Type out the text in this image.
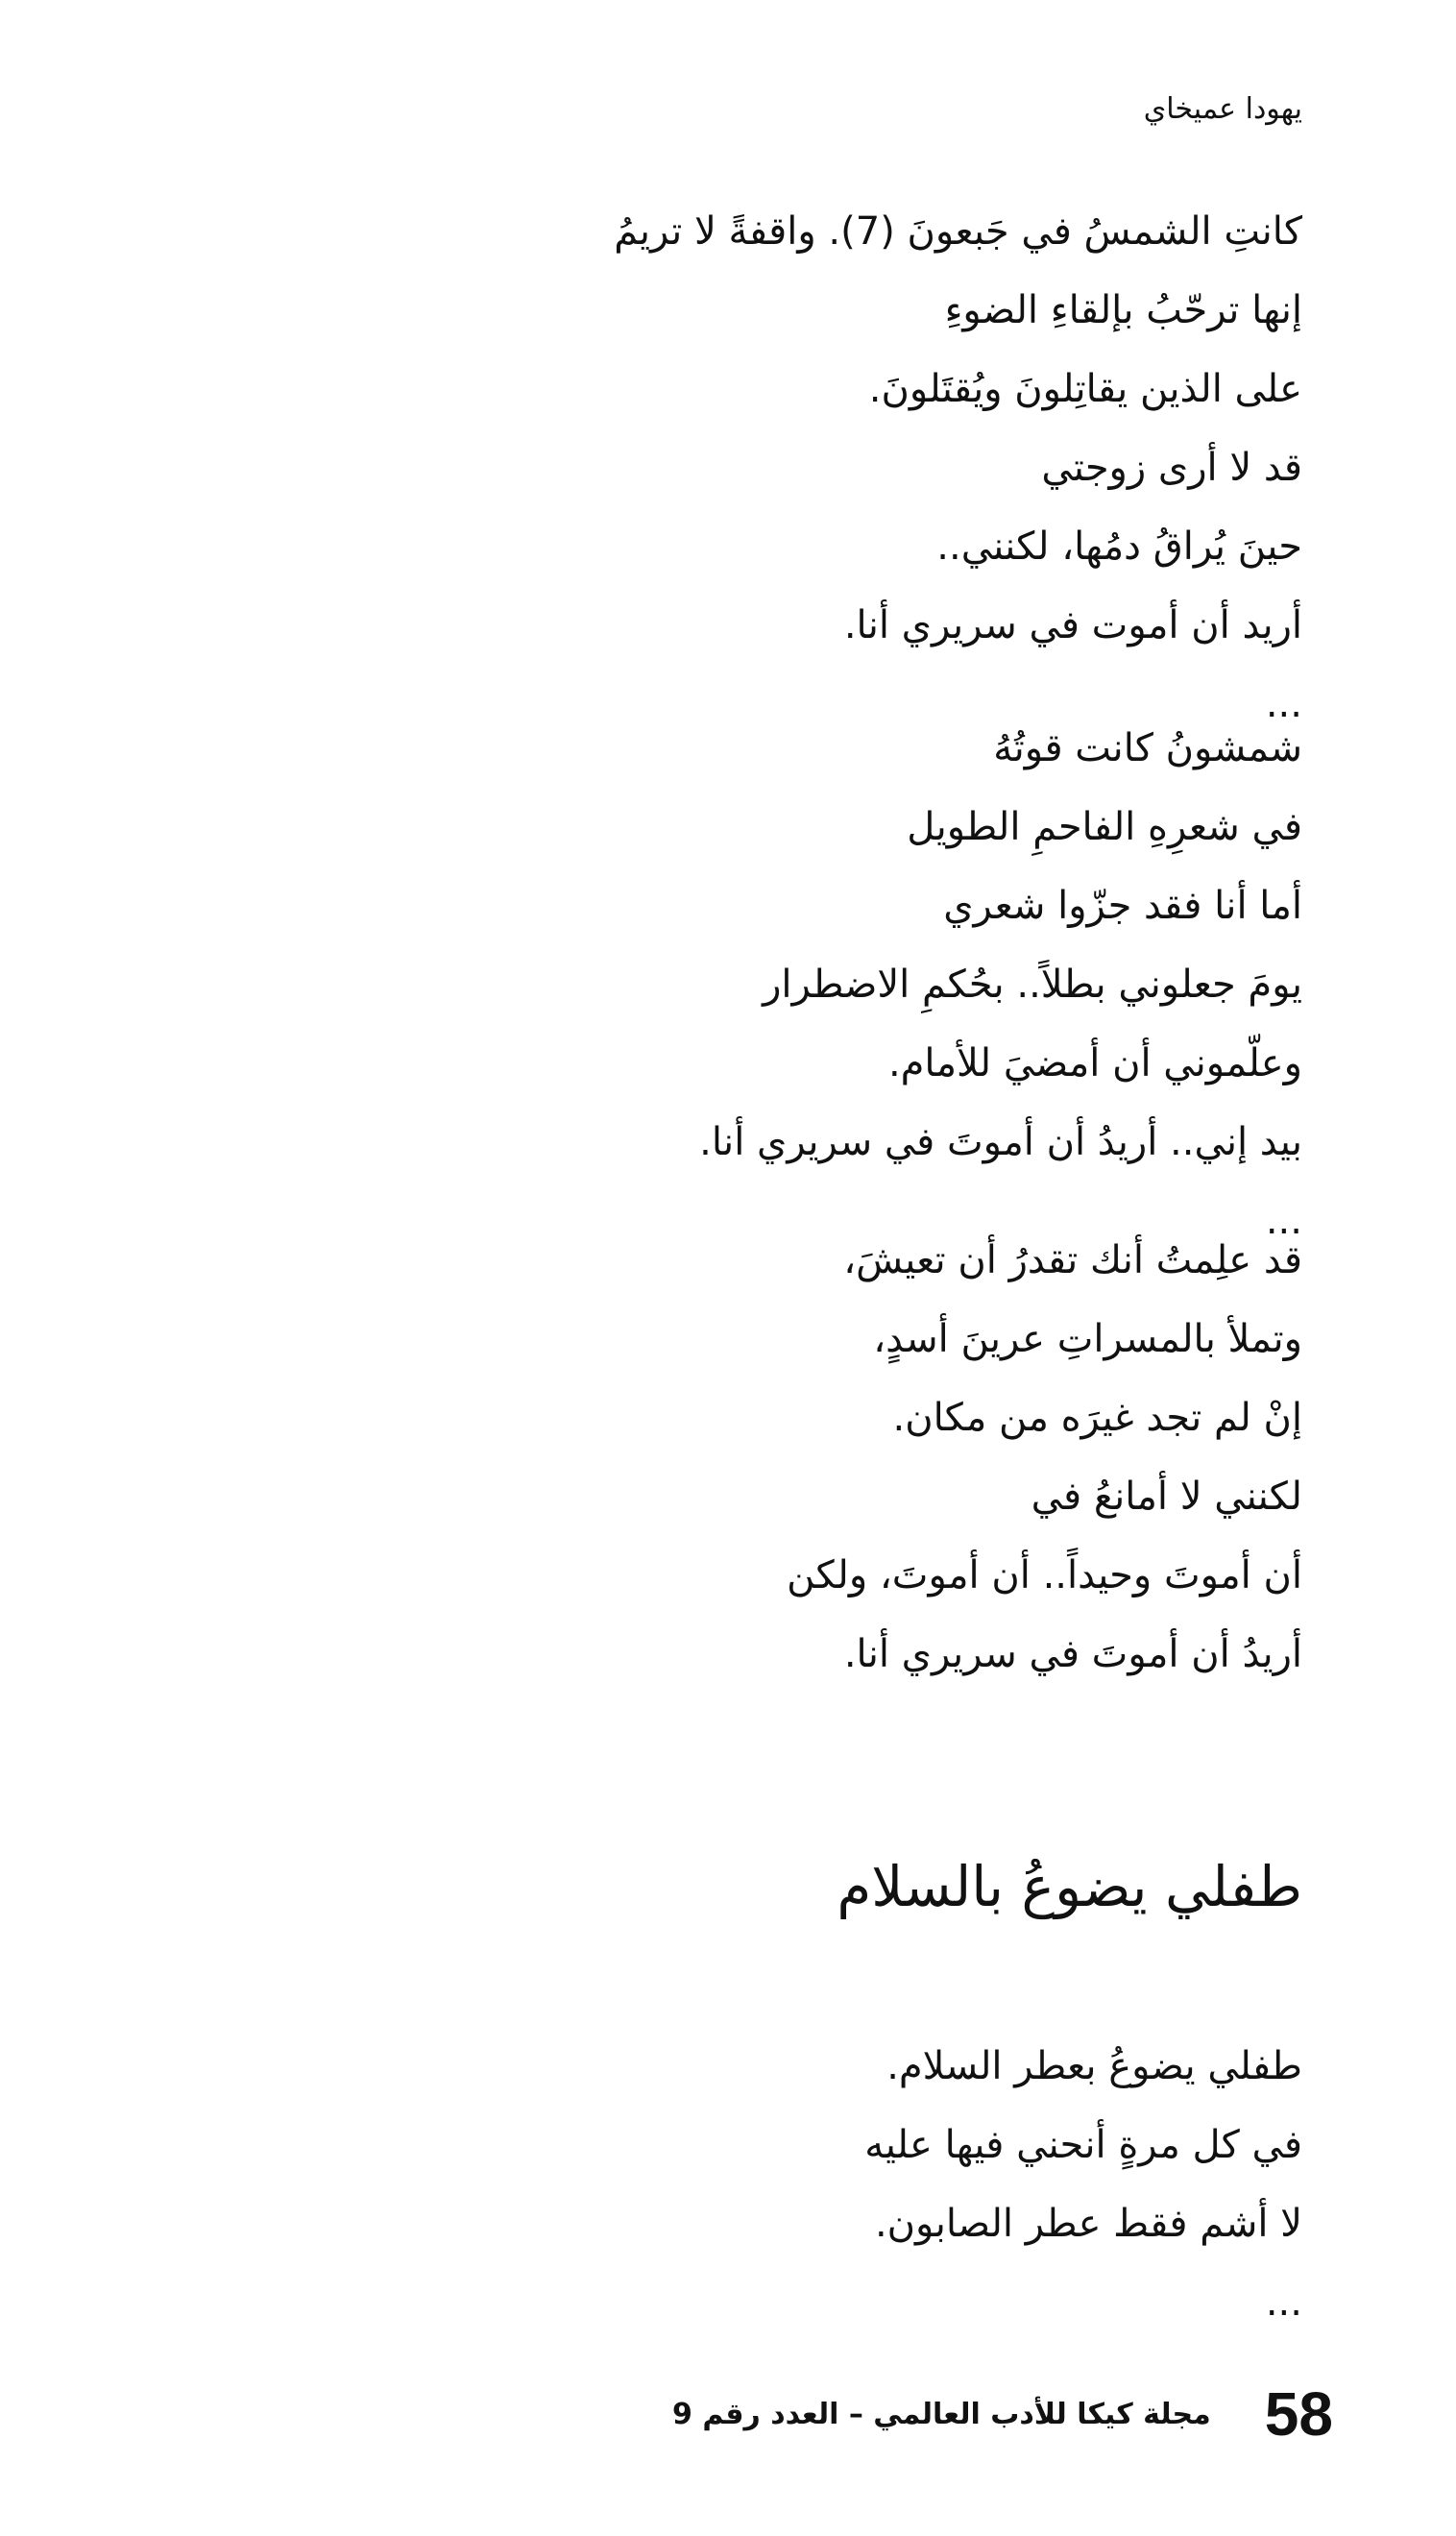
يهودا عميخاي
كانتِ الشمسُ في جَبعونَ (7). واقفةً لا تريمُ
إنها ترحّبُ بإلقاءِ الضوءِ
على الذين يقاتِلونَ ويُقتَلونَ.
قد لا أرى زوجتي
حينَ يُراقُ دمُها، لكنني..
أريد أن أموت في سريري أنا.
...
شمشونُ كانت قوتُهُ
في شعرِهِ الفاحمِ الطويل
أما أنا فقد جزّوا شعري
يومَ جعلوني بطلاً.. بحُكمِ الاضطرار
وعلّموني أن أمضيَ للأمام.
بيد إني.. أريدُ أن أموتَ في سريري أنا.
...
قد علِمتُ أنك تقدرُ أن تعيشَ،
وتملأ بالمسراتِ عرينَ أسدٍ،
إنْ لم تجد غيرَه من مكان.
لكنني لا أمانعُ في
أن أموتَ وحيداً.. أن أموتَ، ولكن
أريدُ أن أموتَ في سريري أنا.
طفلي يضوعُ بالسلام
طفلي يضوعُ بعطر السلام.
في كل مرةٍ أنحني فيها عليه
لا أشم فقط عطر الصابون.
...
مجلة كيكا للأدب العالمي – العدد رقم 9 58
